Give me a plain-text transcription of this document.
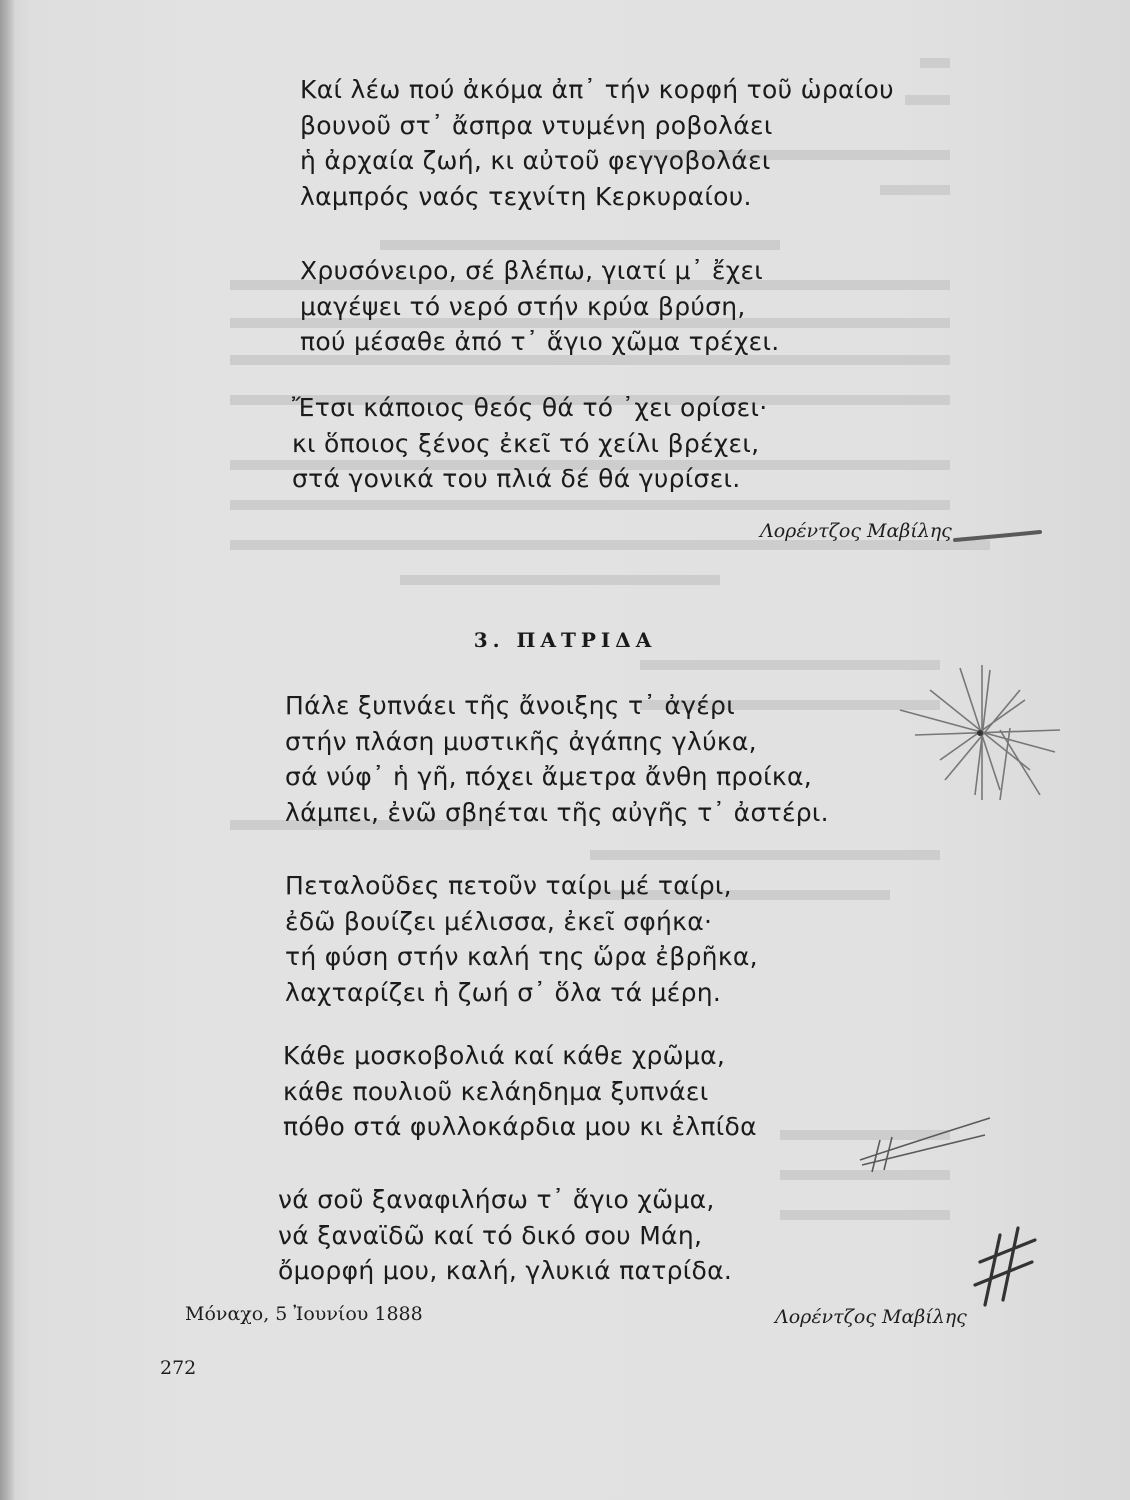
Καί λέω πού ἀκόμα ἀπ᾽ τήν κορφή τοῦ ὡραίου
βουνοῦ στ᾽ ἄσπρα ντυμένη ροβολάει
ἡ ἀρχαία ζωή, κι αὐτοῦ φεγγοβολάει
λαμπρός ναός τεχνίτη Κερκυραίου.
Χρυσόνειρο, σέ βλέπω, γιατί μ᾽ ἔχει
μαγέψει τό νερό στήν κρύα βρύση,
πού μέσαθε ἀπό τ᾽ ἅγιο χῶμα τρέχει.
Ἔτσι κάποιος θεός θά τό ᾽χει ορίσει·
κι ὅποιος ξένος ἐκεῖ τό χείλι βρέχει,
στά γονικά του πλιά δέ θά γυρίσει.
Λορέντζος Μαβίλης
3. ΠΑΤΡΙΔΑ
Πάλε ξυπνάει τῆς ἄνοιξης τ᾽ ἀγέρι
στήν πλάση μυστικῆς ἀγάπης γλύκα,
σά νύφ᾽ ἡ γῆ, πόχει ἄμετρα ἄνθη προίκα,
λάμπει, ἐνῶ σβηέται τῆς αὐγῆς τ᾽ ἀστέρι.
Πεταλοῦδες πετοῦν ταίρι μέ ταίρι,
ἐδῶ βουίζει μέλισσα, ἐκεῖ σφήκα·
τή φύση στήν καλή της ὥρα ἐβρῆκα,
λαχταρίζει ἡ ζωή σ᾽ ὅλα τά μέρη.
Κάθε μοσκοβολιά καί κάθε χρῶμα,
κάθε πουλιοῦ κελάηδημα ξυπνάει
πόθο στά φυλλοκάρδια μου κι ἐλπίδα
νά σοῦ ξαναφιλήσω τ᾽ ἅγιο χῶμα,
νά ξαναϊδῶ καί τό δικό σου Μάη,
ὄμορφή μου, καλή, γλυκιά πατρίδα.
Μόναχο, 5 Ἰουνίου 1888	Λορέντζος Μαβίλης
272
II
#
